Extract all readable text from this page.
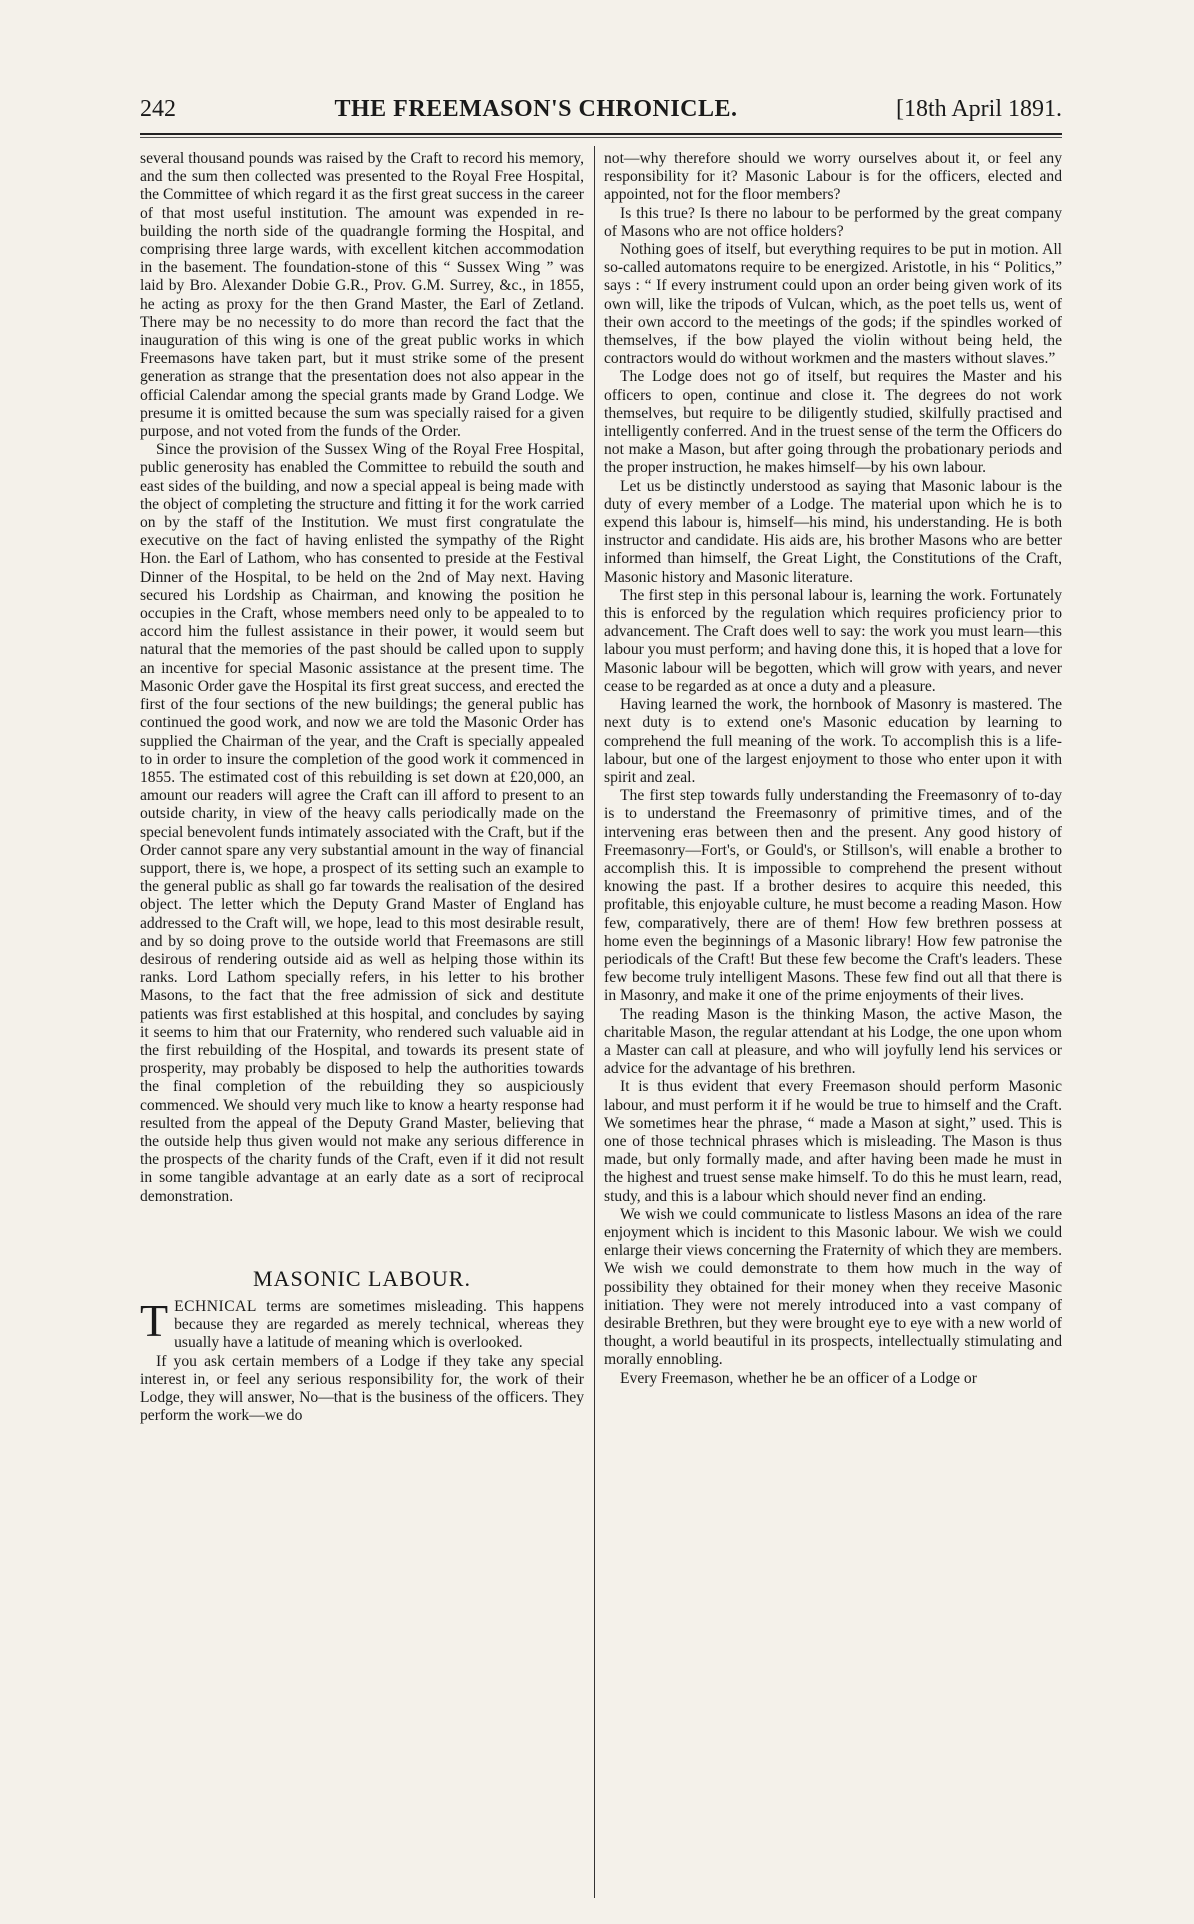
242	THE FREEMASON'S CHRONICLE.	[18th April 1891.

several thousand pounds was raised by the Craft to record his memory, and the sum then collected was presented to the Royal Free Hospital, the Committee of which regard it as the first great success in the career of that most useful institution. The amount was expended in re-building the north side of the quadrangle forming the Hospital, and comprising three large wards, with excellent kitchen accommodation in the basement. The foundation-stone of this “ Sussex Wing ” was laid by Bro. Alexander Dobie G.R., Prov. G.M. Surrey, &c., in 1855, he acting as proxy for the then Grand Master, the Earl of Zetland. There may be no necessity to do more than record the fact that the inauguration of this wing is one of the great public works in which Freemasons have taken part, but it must strike some of the present generation as strange that the presentation does not also appear in the official Calendar among the special grants made by Grand Lodge. We presume it is omitted because the sum was specially raised for a given purpose, and not voted from the funds of the Order.

Since the provision of the Sussex Wing of the Royal Free Hospital, public generosity has enabled the Committee to rebuild the south and east sides of the building, and now a special appeal is being made with the object of completing the structure and fitting it for the work carried on by the staff of the Institution. We must first congratulate the executive on the fact of having enlisted the sympathy of the Right Hon. the Earl of Lathom, who has consented to preside at the Festival Dinner of the Hospital, to be held on the 2nd of May next. Having secured his Lordship as Chairman, and knowing the position he occupies in the Craft, whose members need only to be appealed to to accord him the fullest assistance in their power, it would seem but natural that the memories of the past should be called upon to supply an incentive for special Masonic assistance at the present time. The Masonic Order gave the Hospital its first great success, and erected the first of the four sections of the new buildings; the general public has continued the good work, and now we are told the Masonic Order has supplied the Chairman of the year, and the Craft is specially appealed to in order to insure the completion of the good work it commenced in 1855. The estimated cost of this rebuilding is set down at £20,000, an amount our readers will agree the Craft can ill afford to present to an outside charity, in view of the heavy calls periodically made on the special benevolent funds intimately associated with the Craft, but if the Order cannot spare any very substantial amount in the way of financial support, there is, we hope, a prospect of its setting such an example to the general public as shall go far towards the realisation of the desired object. The letter which the Deputy Grand Master of England has addressed to the Craft will, we hope, lead to this most desirable result, and by so doing prove to the outside world that Freemasons are still desirous of rendering outside aid as well as helping those within its ranks. Lord Lathom specially refers, in his letter to his brother Masons, to the fact that the free admission of sick and destitute patients was first established at this hospital, and concludes by saying it seems to him that our Fraternity, who rendered such valuable aid in the first rebuilding of the Hospital, and towards its present state of prosperity, may probably be disposed to help the authorities towards the final completion of the rebuilding they so auspiciously commenced. We should very much like to know a hearty response had resulted from the appeal of the Deputy Grand Master, believing that the outside help thus given would not make any serious difference in the prospects of the charity funds of the Craft, even if it did not result in some tangible advantage at an early date as a sort of reciprocal demonstration.

MASONIC LABOUR.

TECHNICAL terms are sometimes misleading. This happens because they are regarded as merely technical, whereas they usually have a latitude of meaning which is overlooked.

If you ask certain members of a Lodge if they take any special interest in, or feel any serious responsibility for, the work of their Lodge, they will answer, No—that is the business of the officers. They perform the work—we do

not—why therefore should we worry ourselves about it, or feel any responsibility for it? Masonic Labour is for the officers, elected and appointed, not for the floor members?

Is this true? Is there no labour to be performed by the great company of Masons who are not office holders?

Nothing goes of itself, but everything requires to be put in motion. All so-called automatons require to be energized. Aristotle, in his “ Politics,” says : “ If every instrument could upon an order being given work of its own will, like the tripods of Vulcan, which, as the poet tells us, went of their own accord to the meetings of the gods; if the spindles worked of themselves, if the bow played the violin without being held, the contractors would do without workmen and the masters without slaves.”

The Lodge does not go of itself, but requires the Master and his officers to open, continue and close it. The degrees do not work themselves, but require to be diligently studied, skilfully practised and intelligently conferred. And in the truest sense of the term the Officers do not make a Mason, but after going through the probationary periods and the proper instruction, he makes himself—by his own labour.

Let us be distinctly understood as saying that Masonic labour is the duty of every member of a Lodge. The material upon which he is to expend this labour is, himself—his mind, his understanding. He is both instructor and candidate. His aids are, his brother Masons who are better informed than himself, the Great Light, the Constitutions of the Craft, Masonic history and Masonic literature.

The first step in this personal labour is, learning the work. Fortunately this is enforced by the regulation which requires proficiency prior to advancement. The Craft does well to say: the work you must learn—this labour you must perform; and having done this, it is hoped that a love for Masonic labour will be begotten, which will grow with years, and never cease to be regarded as at once a duty and a pleasure.

Having learned the work, the hornbook of Masonry is mastered. The next duty is to extend one's Masonic education by learning to comprehend the full meaning of the work. To accomplish this is a life-labour, but one of the largest enjoyment to those who enter upon it with spirit and zeal.

The first step towards fully understanding the Freemasonry of to-day is to understand the Freemasonry of primitive times, and of the intervening eras between then and the present. Any good history of Freemasonry—Fort's, or Gould's, or Stillson's, will enable a brother to accomplish this. It is impossible to comprehend the present without knowing the past. If a brother desires to acquire this needed, this profitable, this enjoyable culture, he must become a reading Mason. How few, comparatively, there are of them! How few brethren possess at home even the beginnings of a Masonic library! How few patronise the periodicals of the Craft! But these few become the Craft's leaders. These few become truly intelligent Masons. These few find out all that there is in Masonry, and make it one of the prime enjoyments of their lives.

The reading Mason is the thinking Mason, the active Mason, the charitable Mason, the regular attendant at his Lodge, the one upon whom a Master can call at pleasure, and who will joyfully lend his services or advice for the advantage of his brethren.

It is thus evident that every Freemason should perform Masonic labour, and must perform it if he would be true to himself and the Craft. We sometimes hear the phrase, “ made a Mason at sight,” used. This is one of those technical phrases which is misleading. The Mason is thus made, but only formally made, and after having been made he must in the highest and truest sense make himself. To do this he must learn, read, study, and this is a labour which should never find an ending.

We wish we could communicate to listless Masons an idea of the rare enjoyment which is incident to this Masonic labour. We wish we could enlarge their views concerning the Fraternity of which they are members. We wish we could demonstrate to them how much in the way of possibility they obtained for their money when they receive Masonic initiation. They were not merely introduced into a vast company of desirable Brethren, but they were brought eye to eye with a new world of thought, a world beautiful in its prospects, intellectually stimulating and morally ennobling.

Every Freemason, whether he be an officer of a Lodge or
